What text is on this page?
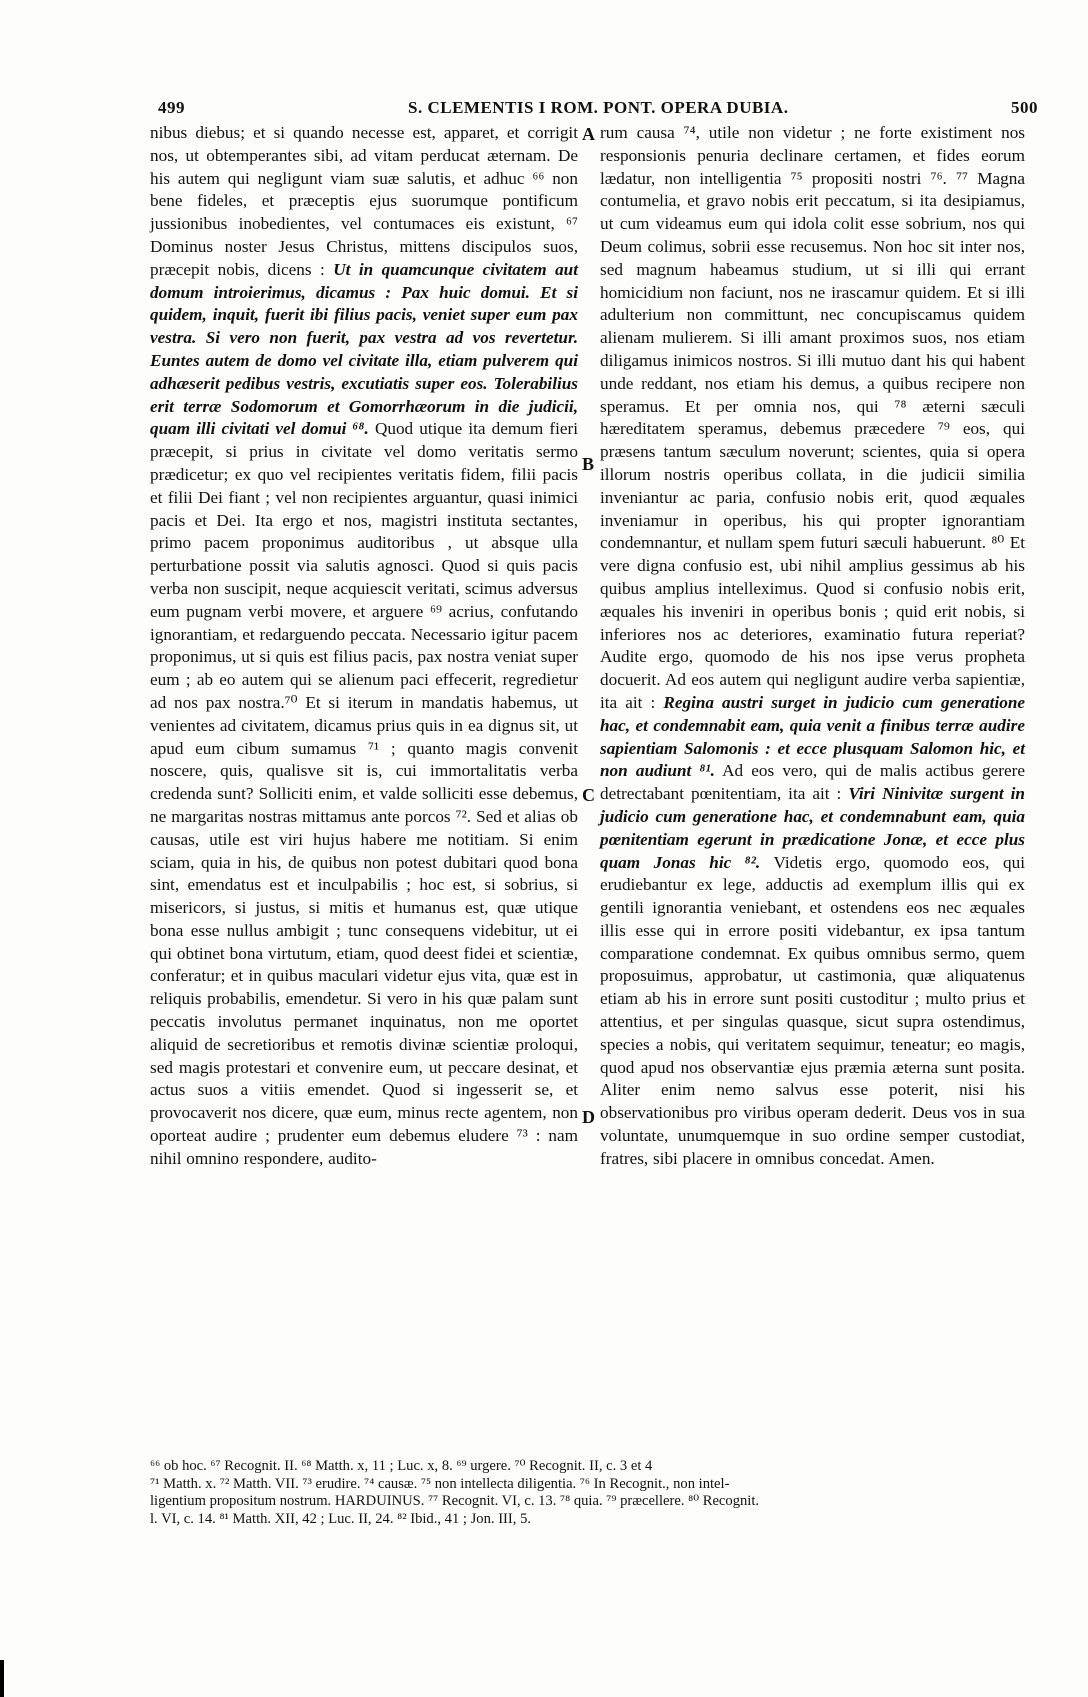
499	S. CLEMENTIS I ROM. PONT. OPERA DUBIA.	500

nibus diebus; et si quando necesse est, apparet, et corrigit nos, ut obtemperantes sibi, ad vitam perducat æternam. De his autem qui negligunt viam suæ salutis, et adhuc ⁶⁶ non bene fideles, et præceptis ejus suorumque pontificum jussionibus inobedientes, vel contumaces eis existunt, ⁶⁷ Dominus noster Jesus Christus, mittens discipulos suos, præcepit nobis, dicens : Ut in quamcunque civitatem aut domum introierimus, dicamus : Pax huic domui. Et si quidem, inquit, fuerit ibi filius pacis, veniet super eum pax vestra. Si vero non fuerit, pax vestra ad vos revertetur. Euntes autem de domo vel civitate illa, etiam pulverem qui adhæserit pedibus vestris, excutiatis super eos. Tolerabilius erit terræ Sodomorum et Gomorrhæorum in die judicii, quam illi civitati vel domui ⁶⁸. Quod utique ita demum fieri præcepit, si prius in civitate vel domo veritatis sermo prædicetur; ex quo vel recipientes veritatis fidem, filii pacis et filii Dei fiant ; vel non recipientes arguantur, quasi inimici pacis et Dei. Ita ergo et nos, magistri instituta sectantes, primo pacem proponimus auditoribus , ut absque ulla perturbatione possit via salutis agnosci. Quod si quis pacis verba non suscipit, neque acquiescit veritati, scimus adversus eum pugnam verbi movere, et arguere ⁶⁹ acrius, confutando ignorantiam, et redarguendo peccata. Necessario igitur pacem proponimus, ut si quis est filius pacis, pax nostra veniat super eum ; ab eo autem qui se alienum paci effecerit, regredietur ad nos pax nostra.⁷⁰ Et si iterum in mandatis habemus, ut venientes ad civitatem, dicamus prius quis in ea dignus sit, ut apud eum cibum sumamus ⁷¹ ; quanto magis convenit noscere, quis, qualisve sit is, cui immortalitatis verba credenda sunt? Solliciti enim, et valde solliciti esse debemus, ne margaritas nostras mittamus ante porcos ⁷². Sed et alias ob causas, utile est viri hujus habere me notitiam. Si enim sciam, quia in his, de quibus non potest dubitari quod bona sint, emendatus est et inculpabilis ; hoc est, si sobrius, si misericors, si justus, si mitis et humanus est, quæ utique bona esse nullus ambigit ; tunc consequens videbitur, ut ei qui obtinet bona virtutum, etiam, quod deest fidei et scientiæ, conferatur; et in quibus maculari videtur ejus vita, quæ est in reliquis probabilis, emendetur. Si vero in his quæ palam sunt peccatis involutus permanet inquinatus, non me oportet aliquid de secretioribus et remotis divinæ scientiæ proloqui, sed magis protestari et convenire eum, ut peccare desinat, et actus suos a vitiis emendet. Quod si ingesserit se, et provocaverit nos dicere, quæ eum, minus recte agentem, non oporteat audire ; prudenter eum debemus eludere ⁷³ : nam nihil omnino respondere, audito-

rum causa ⁷⁴, utile non videtur ; ne forte existiment nos responsionis penuria declinare certamen, et fides eorum lædatur, non intelligentia ⁷⁵ propositi nostri ⁷⁶. ⁷⁷ Magna contumelia, et gravo nobis erit peccatum, si ita desipiamus, ut cum videamus eum qui idola colit esse sobrium, nos qui Deum colimus, sobrii esse recusemus. Non hoc sit inter nos, sed magnum habeamus studium, ut si illi qui errant homicidium non faciunt, nos ne irascamur quidem. Et si illi adulterium non committunt, nec concupiscamus quidem alienam mulierem. Si illi amant proximos suos, nos etiam diligamus inimicos nostros. Si illi mutuo dant his qui habent unde reddant, nos etiam his demus, a quibus recipere non speramus. Et per omnia nos, qui ⁷⁸ æterni sæculi hæreditatem speramus, debemus præcedere ⁷⁹ eos, qui præsens tantum sæculum noverunt; scientes, quia si opera illorum nostris operibus collata, in die judicii similia inveniantur ac paria, confusio nobis erit, quod æquales inveniamur in operibus, his qui propter ignorantiam condemnantur, et nullam spem futuri sæculi habuerunt. ⁸⁰ Et vere digna confusio est, ubi nihil amplius gessimus ab his quibus amplius intelleximus. Quod si confusio nobis erit, æquales his inveniri in operibus bonis ; quid erit nobis, si inferiores nos ac deteriores, examinatio futura reperiat? Audite ergo, quomodo de his nos ipse verus propheta docuerit. Ad eos autem qui negligunt audire verba sapientiæ, ita ait : Regina austri surget in judicio cum generatione hac, et condemnabit eam, quia venit a finibus terræ audire sapientiam Salomonis : et ecce plusquam Salomon hic, et non audiunt ⁸¹. Ad eos vero, qui de malis actibus gerere detrectabant pœnitentiam, ita ait : Viri Ninivitæ surgent in judicio cum generatione hac, et condemnabunt eam, quia pœnitentiam egerunt in prædicatione Jonæ, et ecce plus quam Jonas hic ⁸². Videtis ergo, quomodo eos, qui erudiebantur ex lege, adductis ad exemplum illis qui ex gentili ignorantia veniebant, et ostendens eos nec æquales illis esse qui in errore positi videbantur, ex ipsa tantum comparatione condemnat. Ex quibus omnibus sermo, quem proposuimus, approbatur, ut castimonia, quæ aliquatenus etiam ab his in errore sunt positi custoditur ; multo prius et attentius, et per singulas quasque, sicut supra ostendimus, species a nobis, qui veritatem sequimur, teneatur; eo magis, quod apud nos observantiæ ejus præmia æterna sunt posita. Aliter enim nemo salvus esse poterit, nisi his observationibus pro viribus operam dederit. Deus vos in sua voluntate, unumquemque in suo ordine semper custodiat, fratres, sibi placere in omnibus concedat. Amen.

A
B
C
D

⁶⁶ ob hoc. ⁶⁷ Recognit. II. ⁶⁸ Matth. x, 11 ; Luc. x, 8. ⁶⁹ urgere. ⁷⁰ Recognit. II, c. 3 et 4

⁷¹ Matth. x. ⁷² Matth. VII. ⁷³ erudire. ⁷⁴ causæ. ⁷⁵ non intellecta diligentia. ⁷⁶ In Recognit., non intel-

ligentium propositum nostrum. HARDUINUS. ⁷⁷ Recognit. VI, c. 13. ⁷⁸ quia. ⁷⁹ præcellere. ⁸⁰ Recognit.

l. VI, c. 14. ⁸¹ Matth. XII, 42 ; Luc. II, 24. ⁸² Ibid., 41 ; Jon. III, 5.
